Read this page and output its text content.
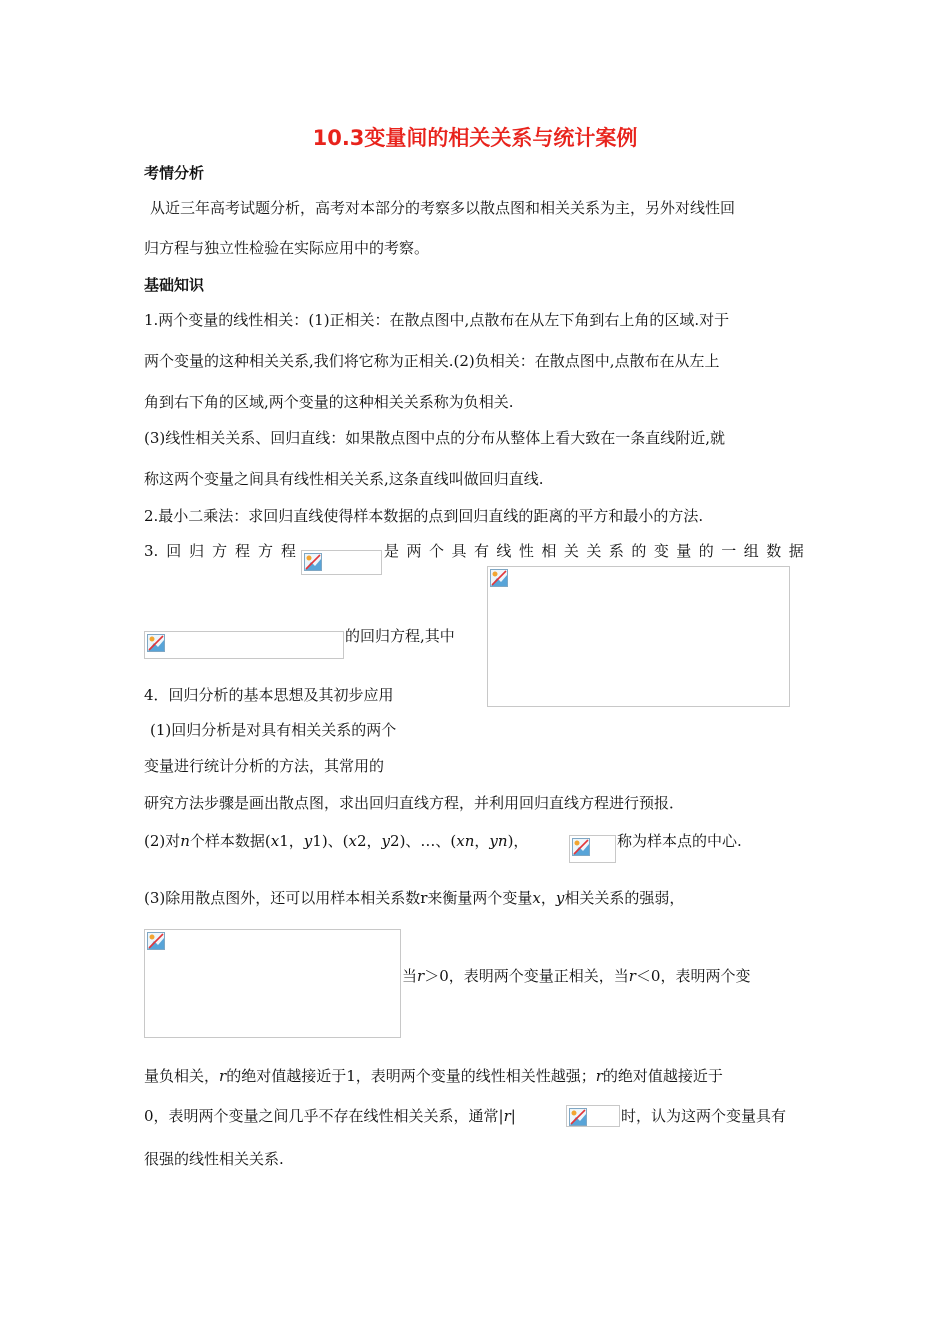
10.3变量间的相关关系与统计案例
考情分析
从近三年高考试题分析，高考对本部分的考察多以散点图和相关关系为主，另外对线性回
归方程与独立性检验在实际应用中的考察。
基础知识
1.两个变量的线性相关：(1)正相关：在散点图中,点散布在从左下角到右上角的区域.对于
两个变量的这种相关关系,我们将它称为正相关.(2)负相关：在散点图中,点散布在从左上
角到右下角的区域,两个变量的这种相关关系称为负相关.
(3)线性相关关系、回归直线：如果散点图中点的分布从整体上看大致在一条直线附近,就
称这两个变量之间具有线性相关关系,这条直线叫做回归直线.
2.最小二乘法：求回归直线使得样本数据的点到回归直线的距离的平方和最小的方法.
3. 回 归 方 程 方 程	是 两 个 具 有 线 性 相 关 关 系 的 变 量 的 一 组 数 据
的回归方程,其中
4．回归分析的基本思想及其初步应用
(1)回归分析是对具有相关关系的两个
变量进行统计分析的方法，其常用的
研究方法步骤是画出散点图，求出回归直线方程，并利用回归直线方程进行预报．
(2)对n个样本数据(x1，y1)、(x2，y2)、…、(xn，yn)，	称为样本点的中心.
(3)除用散点图外，还可以用样本相关系数r来衡量两个变量x，y相关关系的强弱，
当r＞0，表明两个变量正相关，当r＜0，表明两个变
量负相关，r的绝对值越接近于1，表明两个变量的线性相关性越强；r的绝对值越接近于
0，表明两个变量之间几乎不存在线性相关关系，通常|r|	时，认为这两个变量具有
很强的线性相关关系.
